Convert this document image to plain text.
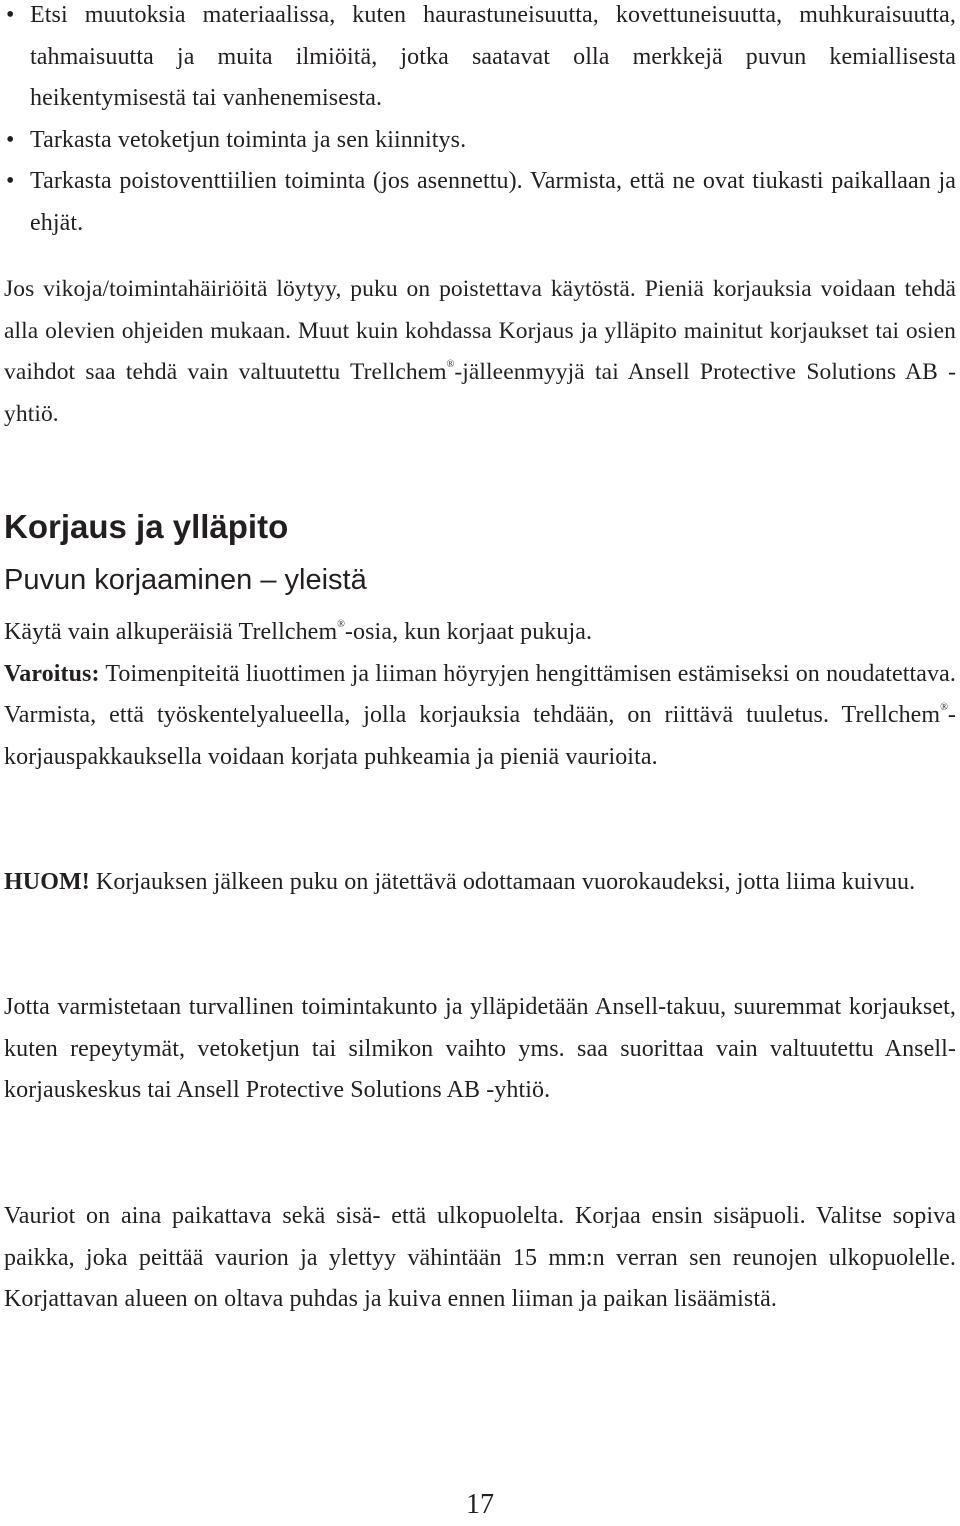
• Etsi muutoksia materiaalissa, kuten haurastuneisuutta, kovettuneisuutta, muhkuraisuutta, tahmaisuutta ja muita ilmiöitä, jotka saatavat olla merkkejä puvun kemiallisesta heikentymisestä tai vanhenemisesta.
• Tarkasta vetoketjun toiminta ja sen kiinnitys.
• Tarkasta poistoventtiilien toiminta (jos asennettu). Varmista, että ne ovat tiukasti paikallaan ja ehjät.

Jos vikoja/toimintahäiriöitä löytyy, puku on poistettava käytöstä. Pieniä korjauksia voidaan tehdä alla olevien ohjeiden mukaan. Muut kuin kohdassa Korjaus ja ylläpito mainitut korjaukset tai osien vaihdot saa tehdä vain valtuutettu Trellchem®-jälleenmyyjä tai Ansell Protective Solutions AB -yhtiö.

Korjaus ja ylläpito
Puvun korjaaminen – yleistä

Käytä vain alkuperäisiä Trellchem®-osia, kun korjaat pukuja.
Varoitus: Toimenpiteitä liuottimen ja liiman höyryjen hengittämisen estämiseksi on noudatettava. Varmista, että työskentelyalueella, jolla korjauksia tehdään, on riittävä tuuletus. Trellchem®-korjauspakkauksella voidaan korjata puhkeamia ja pieniä vaurioita.

HUOM! Korjauksen jälkeen puku on jätettävä odottamaan vuorokaudeksi, jotta liima kuivuu.

Jotta varmistetaan turvallinen toimintakunto ja ylläpidetään Ansell-takuu, suuremmat korjaukset, kuten repeytymät, vetoketjun tai silmikon vaihto yms. saa suorittaa vain valtuutettu Ansell-korjauskeskus tai Ansell Protective Solutions AB -yhtiö.

Vauriot on aina paikattava sekä sisä- että ulkopuolelta. Korjaa ensin sisäpuoli. Valitse sopiva paikka, joka peittää vaurion ja ylettyy vähintään 15 mm:n verran sen reunojen ulkopuolelle. Korjattavan alueen on oltava puhdas ja kuiva ennen liiman ja paikan lisäämistä.

17
